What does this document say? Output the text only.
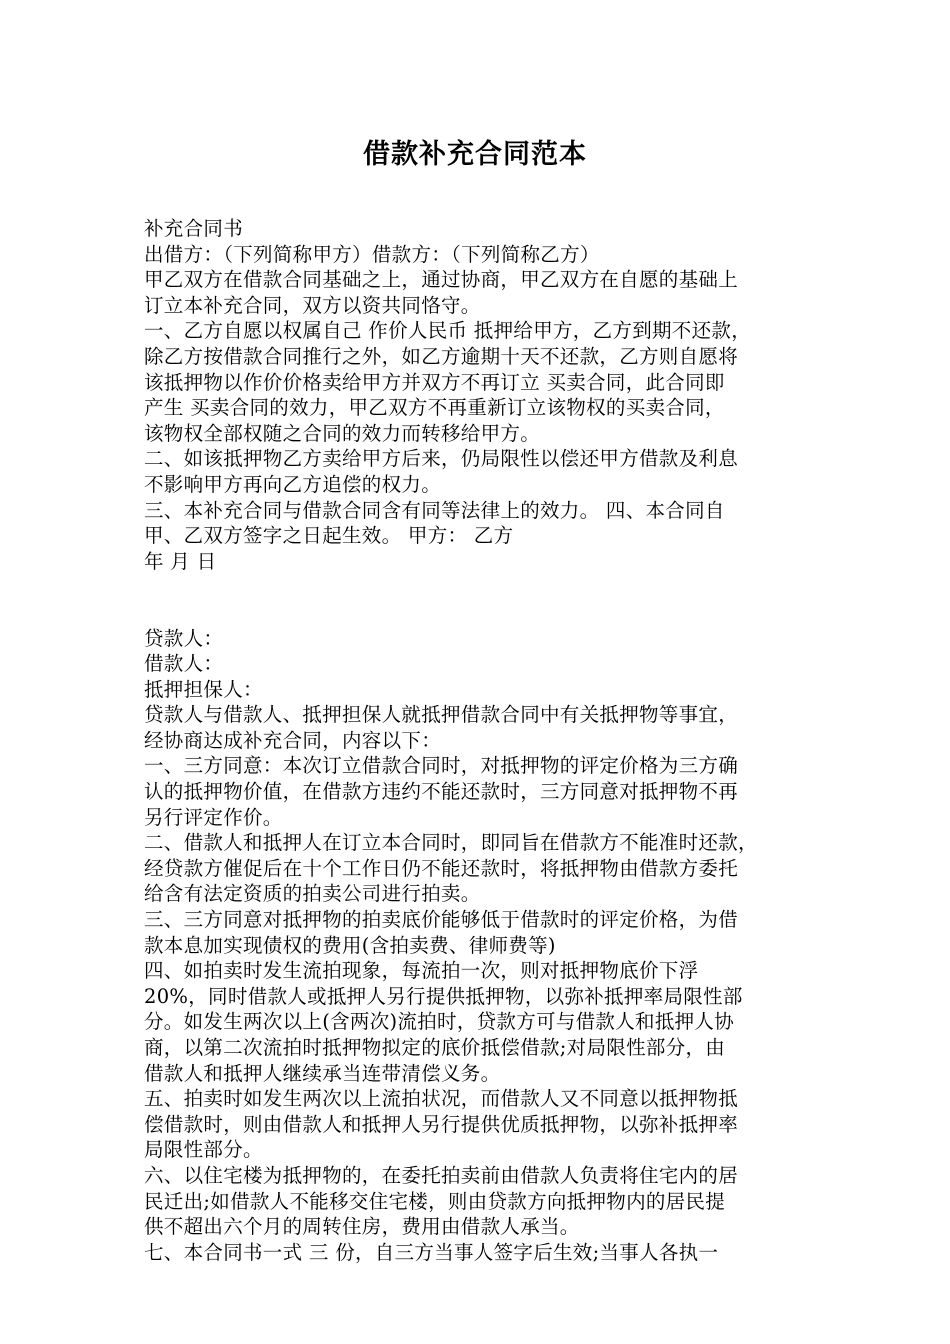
借款补充合同范本
补充合同书
出借方：（下列简称甲方）借款方：（下列简称乙方）
甲乙双方在借款合同基础之上，通过协商，甲乙双方在自愿的基础上
订立本补充合同，双方以资共同恪守。
一、乙方自愿以权属自己 作价人民币 抵押给甲方，乙方到期不还款，
除乙方按借款合同推行之外，如乙方逾期十天不还款，乙方则自愿将
该抵押物以作价价格卖给甲方并双方不再订立 买卖合同，此合同即
产生 买卖合同的效力，甲乙双方不再重新订立该物权的买卖合同，
该物权全部权随之合同的效力而转移给甲方。
二、如该抵押物乙方卖给甲方后来，仍局限性以偿还甲方借款及利息
不影响甲方再向乙方追偿的权力。
三、本补充合同与借款合同含有同等法律上的效力。 四、本合同自
甲、乙双方签字之日起生效。 甲方： 乙方
年 月 日
贷款人：
借款人：
抵押担保人：
贷款人与借款人、抵押担保人就抵押借款合同中有关抵押物等事宜，
经协商达成补充合同，内容以下：
一、三方同意：本次订立借款合同时，对抵押物的评定价格为三方确
认的抵押物价值，在借款方违约不能还款时，三方同意对抵押物不再
另行评定作价。
二、借款人和抵押人在订立本合同时，即同旨在借款方不能准时还款，
经贷款方催促后在十个工作日仍不能还款时，将抵押物由借款方委托
给含有法定资质的拍卖公司进行拍卖。
三、三方同意对抵押物的拍卖底价能够低于借款时的评定价格，为借
款本息加实现债权的费用(含拍卖费、律师费等)
四、如拍卖时发生流拍现象，每流拍一次，则对抵押物底价下浮
20%，同时借款人或抵押人另行提供抵押物，以弥补抵押率局限性部
分。如发生两次以上(含两次)流拍时，贷款方可与借款人和抵押人协
商，以第二次流拍时抵押物拟定的底价抵偿借款;对局限性部分，由
借款人和抵押人继续承当连带清偿义务。
五、拍卖时如发生两次以上流拍状况，而借款人又不同意以抵押物抵
偿借款时，则由借款人和抵押人另行提供优质抵押物，以弥补抵押率
局限性部分。
六、以住宅楼为抵押物的，在委托拍卖前由借款人负责将住宅内的居
民迁出;如借款人不能移交住宅楼，则由贷款方向抵押物内的居民提
供不超出六个月的周转住房，费用由借款人承当。
七、本合同书一式 三 份，自三方当事人签字后生效;当事人各执一
